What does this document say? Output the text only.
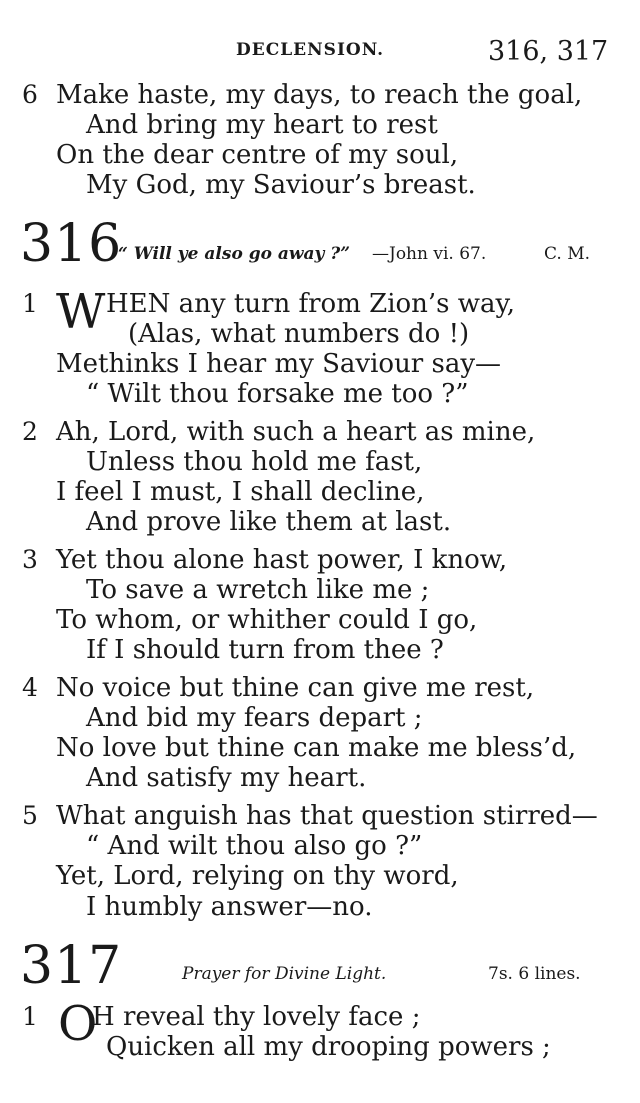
DECLENSION.	316, 317
6 Make haste, my days, to reach the goal,
And bring my heart to rest
On the dear centre of my soul,
My God, my Saviour’s breast.
316
“ Will ye also go away ?” —John vi. 67.	C. M.
1 W HEN any turn from Zion’s way,
(Alas, what numbers do !)
Methinks I hear my Saviour say—
“ Wilt thou forsake me too ?”
2 Ah, Lord, with such a heart as mine,
Unless thou hold me fast,
I feel I must, I shall decline,
And prove like them at last.
3 Yet thou alone hast power, I know,
To save a wretch like me ;
To whom, or whither could I go,
If I should turn from thee ?
4 No voice but thine can give me rest,
And bid my fears depart ;
No love but thine can make me bless’d,
And satisfy my heart.
5 What anguish has that question stirred—
“ And wilt thou also go ?”
Yet, Lord, relying on thy word,
I humbly answer—no.
317	Prayer for Divine Light.	7s. 6 lines.
1 O
H reveal thy lovely face ;
Quicken all my drooping powers ;
